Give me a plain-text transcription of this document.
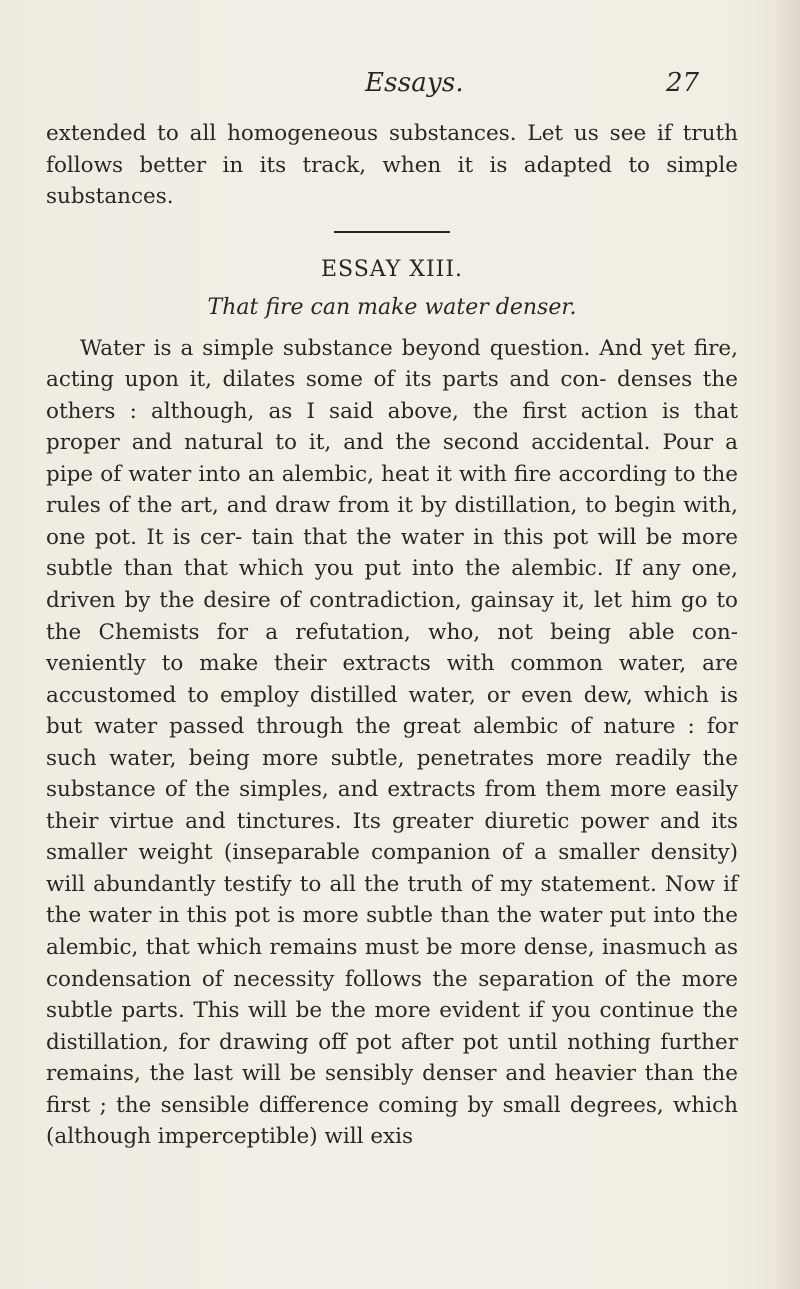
Essays.	27

extended to all homogeneous substances. Let us see if truth follows better in its track, when it is adapted to simple substances.

ESSAY XIII.

That fire can make water denser.

Water is a simple substance beyond question. And yet fire, acting upon it, dilates some of its parts and con- denses the others : although, as I said above, the first action is that proper and natural to it, and the second accidental. Pour a pipe of water into an alembic, heat it with fire according to the rules of the art, and draw from it by distillation, to begin with, one pot. It is cer- tain that the water in this pot will be more subtle than that which you put into the alembic. If any one, driven by the desire of contradiction, gainsay it, let him go to the Chemists for a refutation, who, not being able con- veniently to make their extracts with common water, are accustomed to employ distilled water, or even dew, which is but water passed through the great alembic of nature : for such water, being more subtle, penetrates more readily the substance of the simples, and extracts from them more easily their virtue and tinctures. Its greater diuretic power and its smaller weight (inseparable companion of a smaller density) will abundantly testify to all the truth of my statement. Now if the water in this pot is more subtle than the water put into the alembic, that which remains must be more dense, inasmuch as condensation of necessity follows the separation of the more subtle parts. This will be the more evident if you continue the distillation, for drawing off pot after pot until nothing further remains, the last will be sensibly denser and heavier than the first ; the sensible difference coming by small degrees, which (although imperceptible) will exis
